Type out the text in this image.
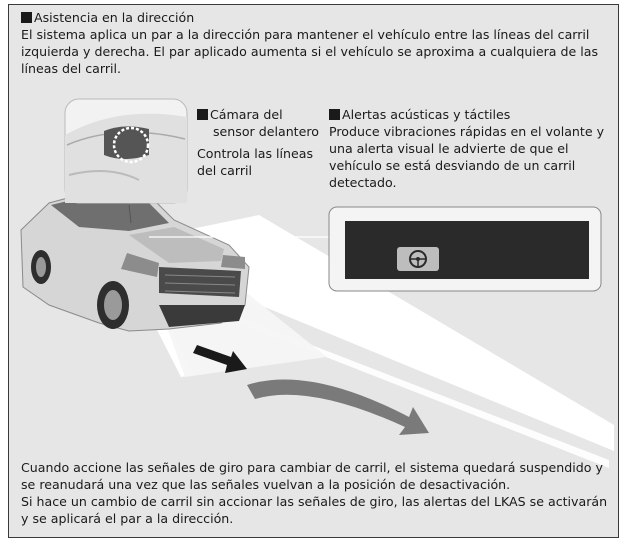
Asistencia en la dirección
El sistema aplica un par a la dirección para mantener el vehículo entre las líneas del carril izquierda y derecha. El par aplicado aumenta si el vehículo se aproxima a cualquiera de las líneas del carril.
Cámara del
sensor delantero
Controla las líneas del carril
Alertas acústicas y táctiles
Produce vibraciones rápidas en el volante y una alerta visual le advierte de que el vehículo se está desviando de un carril detectado.
Cuando accione las señales de giro para cambiar de carril, el sistema quedará suspendido y se reanudará una vez que las señales vuelvan a la posición de desactivación.
Si hace un cambio de carril sin accionar las señales de giro, las alertas del LKAS se activarán y se aplicará el par a la dirección.
